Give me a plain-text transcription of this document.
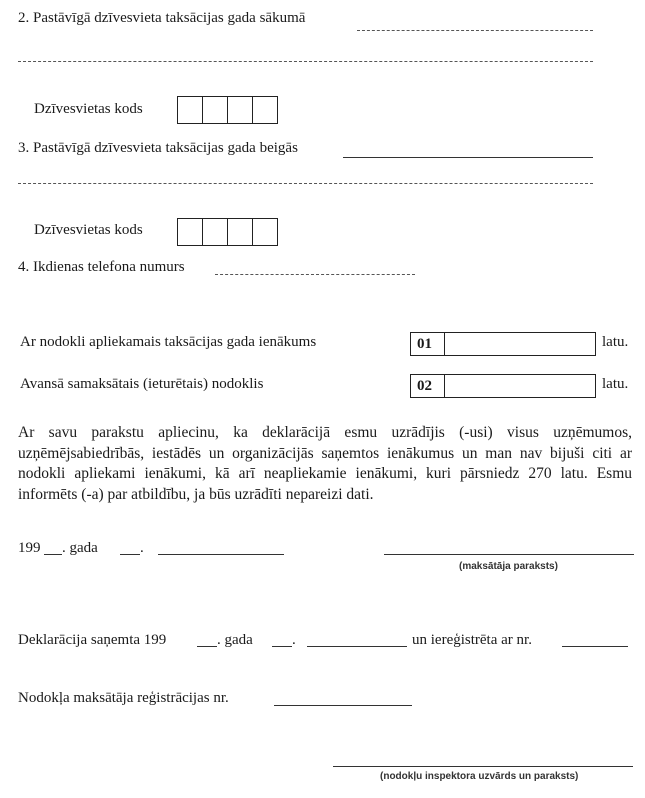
2. Pastāvīgā dzīvesvieta taksācijas gada sākumā
Dzīvesvietas kods
3. Pastāvīgā dzīvesvieta taksācijas gada beigās
Dzīvesvietas kods
4. Ikdienas telefona numurs
Ar nodokli apliekamais taksācijas gada ienākums	01	latu.
Avansā samaksātais (ieturētais) nodoklis	02	latu.
Ar savu parakstu apliecinu, ka deklarācijā esmu uzrādījis (-usi) visus uzņēmumos, uzņēmējsabiedrībās, iestādēs un organizācijās saņemtos ienākumus un man nav bijuši citi ar nodokli apliekami ienākumi, kā arī neapliekamie ienākumi, kuri pārsniedz 270 latu. Esmu informēts (-a) par atbildību, ja būs uzrādīti nepareizi dati.
199 . gada	.
(maksātāja paraksts)
Deklarācija saņemta 199	. gada	.	un iereģistrēta ar nr.
Nodokļa maksātāja reģistrācijas nr.
(nodokļu inspektora uzvārds un paraksts)
